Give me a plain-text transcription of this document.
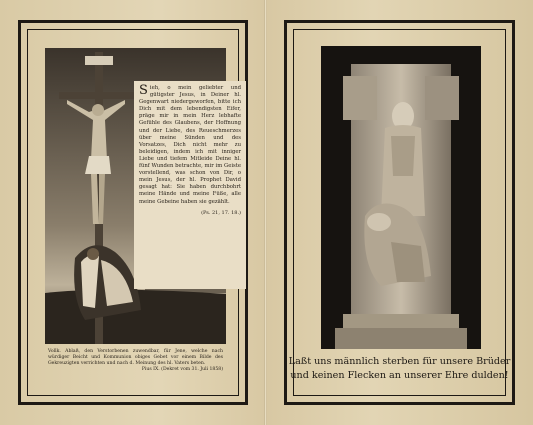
Sieh, o mein geliebter und gütigster Jesus, in Deiner hl. Gegenwart niedergeworfen, bitte ich Dich mit dem lebendigsten Eifer, präge mir in mein Herz lebhafte Gefühle des Glaubens, der Hoffnung und der Liebe, des Reueschmerzes über meine Sünden und des Vorsatzes, Dich nicht mehr zu beleidigen, indem ich mit inniger Liebe und tiefem Mitleide Deine hl. fünf Wunden betrachte, mir im Geiste vorstellend, was schon von Dir, o mein Jesus, der hl. Prophet David gesagt hat: Sie haben durchbohrt meine Hände und meine Füße, alle meine Gebeine haben sie gezählt.

(Ps. 21, 17. 18.)

Vollk. Ablaß, den Verstorbenen zuwendbar, für Jene, welche nach würdiger Beicht und Kommunion obiges Gebet vor einem Bilde des Gekreuzigten verrichten und nach d. Meinung des hl. Vaters beten.
Pius IX. (Dekret vom 31. Juli 1858)
Laßt uns männlich sterben für unsere Brüder
und keinen Flecken an unserer Ehre dulden!
